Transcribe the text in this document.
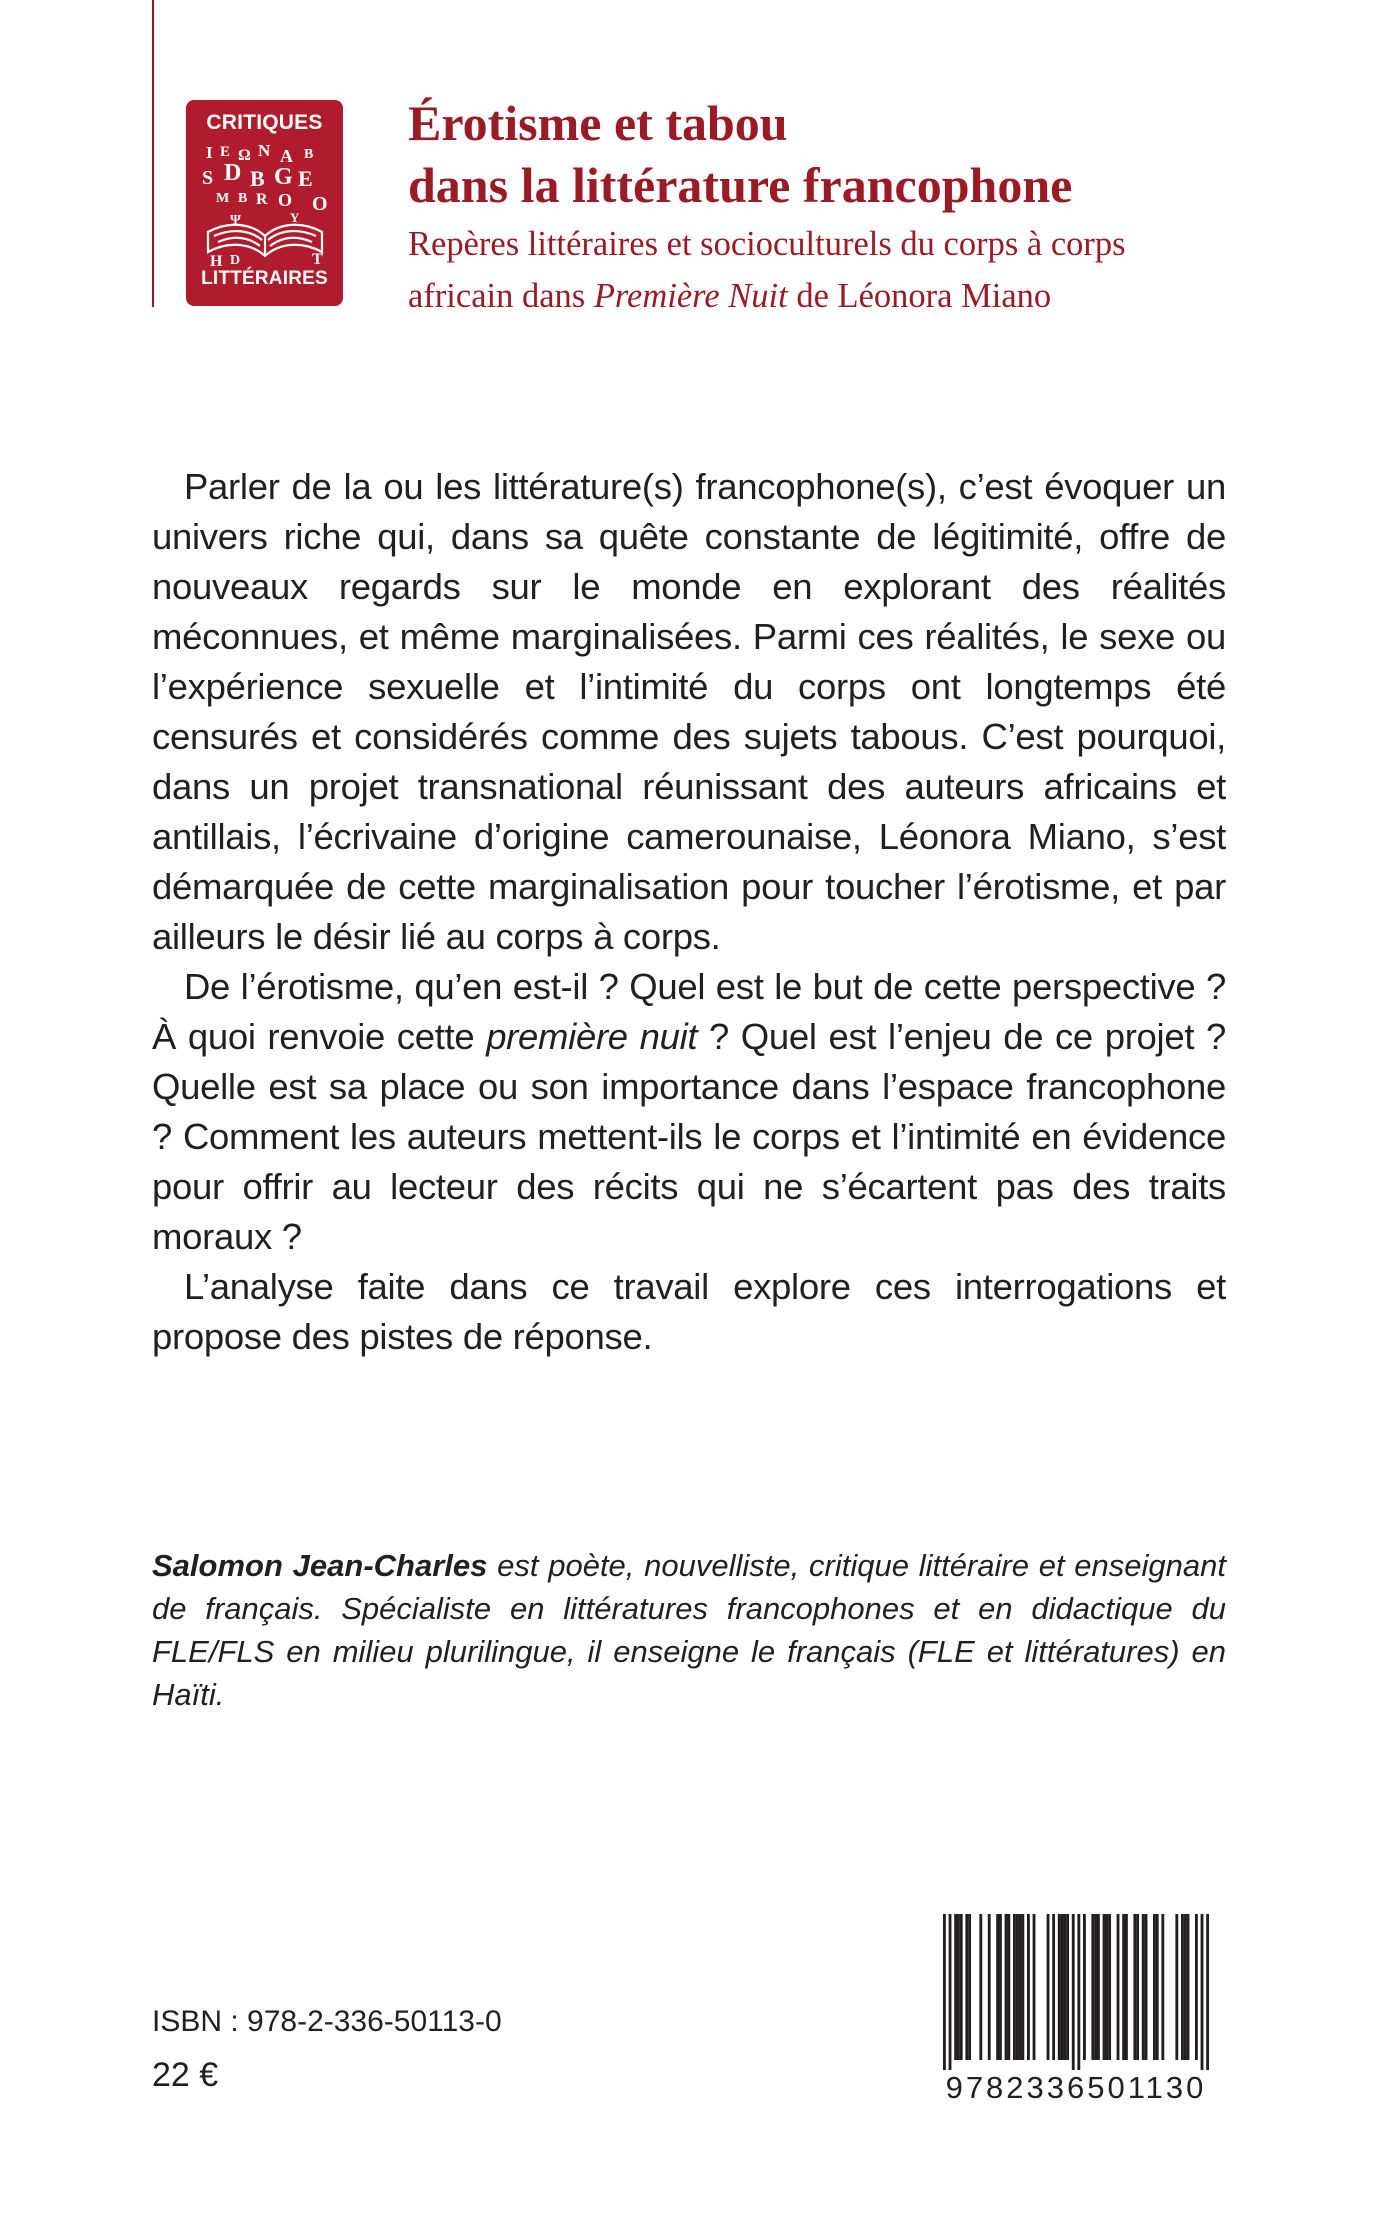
CRITIQUES
I E Ω N A B
S D B G E
M B R O O
Ψ	Y
H D	T
LITTÉRAIRES
Érotisme et tabou
dans la littérature francophone
Repères littéraires et socioculturels du corps à corps
africain dans Première Nuit de Léonora Miano

Parler de la ou les littérature(s) francophone(s), c’est évoquer un univers riche qui, dans sa quête constante de légitimité, offre de nouveaux regards sur le monde en explorant des réalités méconnues, et même marginalisées. Parmi ces réalités, le sexe ou l’expérience sexuelle et l’intimité du corps ont longtemps été censurés et considérés comme des sujets tabous. C’est pourquoi, dans un projet transnational réunissant des auteurs africains et antillais, l’écrivaine d’origine camerounaise, Léonora Miano, s’est démarquée de cette marginalisation pour toucher l’érotisme, et par ailleurs le désir lié au corps à corps.

De l’érotisme, qu’en est-il ? Quel est le but de cette perspective ? À quoi renvoie cette première nuit ? Quel est l’enjeu de ce projet ? Quelle est sa place ou son importance dans l’espace francophone ? Comment les auteurs mettent-ils le corps et l’intimité en évidence pour offrir au lecteur des récits qui ne s’écartent pas des traits moraux ?

L’analyse faite dans ce travail explore ces interrogations et propose des pistes de réponse.

Salomon Jean-Charles est poète, nouvelliste, critique littéraire et enseignant de français. Spécialiste en littératures francophones et en didactique du FLE/FLS en milieu plurilingue, il enseigne le français (FLE et littératures) en Haïti.
ISBN : 978-2-336-50113-0
22 €	9782336501130
